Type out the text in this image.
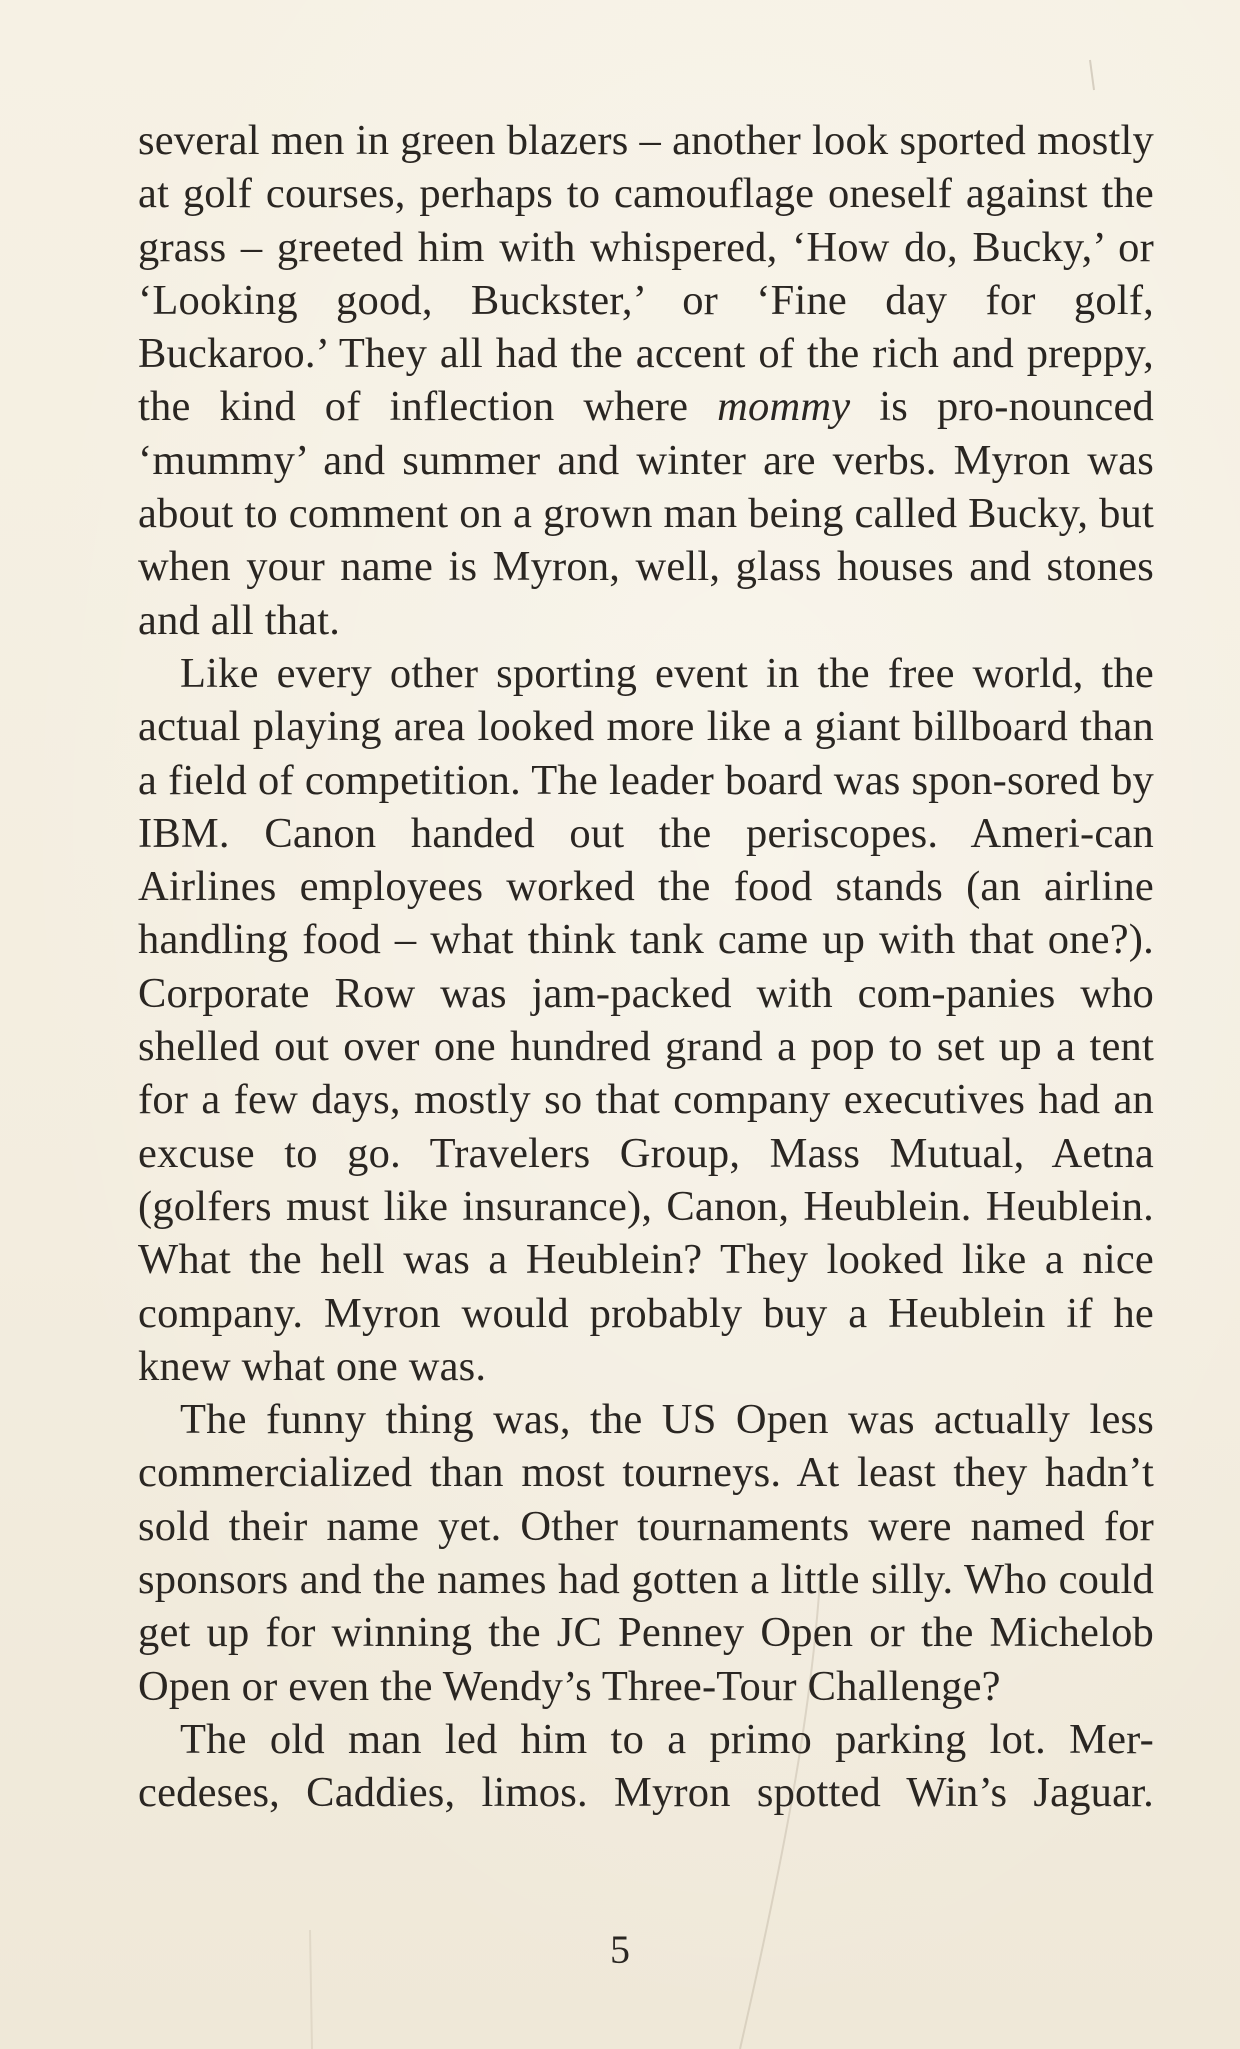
several men in green blazers – another look sported mostly at golf courses, perhaps to camouflage oneself against the grass – greeted him with whispered, ‘How do, Bucky,’ or ‘Looking good, Buckster,’ or ‘Fine day for golf, Buckaroo.’ They all had the accent of the rich and preppy, the kind of inflection where mommy is pro-nounced ‘mummy’ and summer and winter are verbs. Myron was about to comment on a grown man being called Bucky, but when your name is Myron, well, glass houses and stones and all that.

Like every other sporting event in the free world, the actual playing area looked more like a giant billboard than a field of competition. The leader board was spon-sored by IBM. Canon handed out the periscopes. Ameri-can Airlines employees worked the food stands (an airline handling food – what think tank came up with that one?). Corporate Row was jam-packed with com-panies who shelled out over one hundred grand a pop to set up a tent for a few days, mostly so that company executives had an excuse to go. Travelers Group, Mass Mutual, Aetna (golfers must like insurance), Canon, Heublein. Heublein. What the hell was a Heublein? They looked like a nice company. Myron would probably buy a Heublein if he knew what one was.

The funny thing was, the US Open was actually less commercialized than most tourneys. At least they hadn’t sold their name yet. Other tournaments were named for sponsors and the names had gotten a little silly. Who could get up for winning the JC Penney Open or the Michelob Open or even the Wendy’s Three-Tour Challenge?

The old man led him to a primo parking lot. Mer-cedeses, Caddies, limos. Myron spotted Win’s Jaguar.

5
